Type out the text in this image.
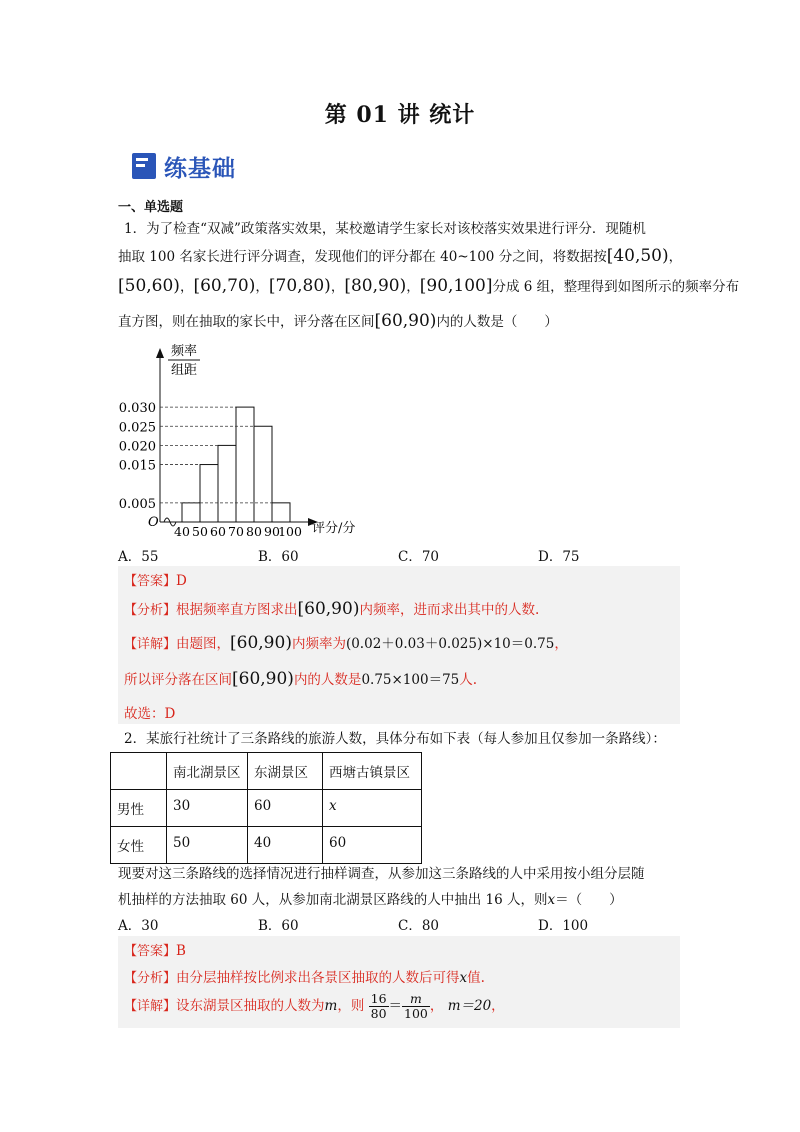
第 01 讲 统计
练基础
一、单选题
1．为了检查“双减”政策落实效果，某校邀请学生家长对该校落实效果进行评分．现随机
抽取 100 名家长进行评分调查，发现他们的评分都在 40~100 分之间，将数据按[40,50)，
[50,60)，[60,70)，[70,80)，[80,90)，[90,100]分成 6 组，整理得到如图所示的频率分布
直方图，则在抽取的家长中，评分落在区间[60,90)内的人数是（　　）
频率
组距
O	评分/分
0.005
0.015
0.020
0.025
0.030
40 50 60 70 80 90
100
A．55	B．60	C．70	D．75
【答案】D
【分析】根据频率直方图求出[60,90)内频率，进而求出其中的人数.
【详解】由题图，[60,90)内频率为(0.02＋0.03＋0.025)×10＝0.75，
所以评分落在区间[60,90)内的人数是0.75×100＝75人.
故选：D
2．某旅行社统计了三条路线的旅游人数，具体分布如下表（每人参加且仅参加一条路线）：
	南北湖景区	东湖景区	西塘古镇景区
男性	30	60	x
女性	50	40	60
现要对这三条路线的选择情况进行抽样调查，从参加这三条路线的人中采用按小组分层随
机抽样的方法抽取 60 人，从参加南北湖景区路线的人中抽出 16 人，则x＝（　　）
A．30	B．60	C．80	D．100
【答案】B
【分析】由分层抽样按比例求出各景区抽取的人数后可得x值.
【详解】设东湖景区抽取的人数为m，则 $\frac{16}{80} = \frac{m}{100}$ ， m＝20，
